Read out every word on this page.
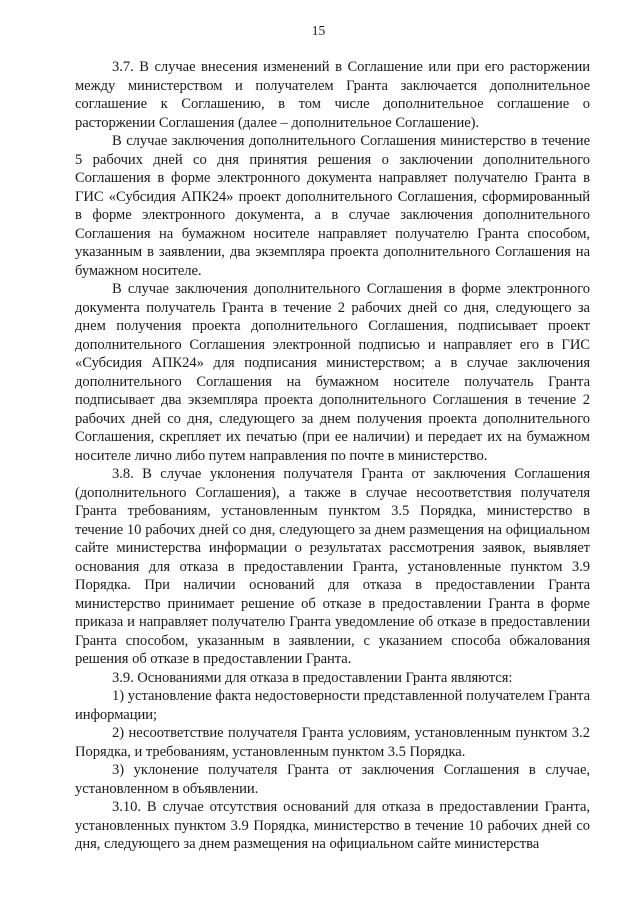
15

3.7. В случае внесения изменений в Соглашение или при его расторжении между министерством и получателем Гранта заключается дополнительное соглашение к Соглашению, в том числе дополнительное соглашение о расторжении Соглашения (далее – дополнительное Соглашение).

В случае заключения дополнительного Соглашения министерство в течение 5 рабочих дней со дня принятия решения о заключении дополнительного Соглашения в форме электронного документа направляет получателю Гранта в ГИС «Субсидия АПК24» проект дополнительного Соглашения, сформированный в форме электронного документа, а в случае заключения дополнительного Соглашения на бумажном носителе направляет получателю Гранта способом, указанным в заявлении, два экземпляра проекта дополнительного Соглашения на бумажном носителе.

В случае заключения дополнительного Соглашения в форме электронного документа получатель Гранта в течение 2 рабочих дней со дня, следующего за днем получения проекта дополнительного Соглашения, подписывает проект дополнительного Соглашения электронной подписью и направляет его в ГИС «Субсидия АПК24» для подписания министерством; а в случае заключения дополнительного Соглашения на бумажном носителе получатель Гранта подписывает два экземпляра проекта дополнительного Соглашения в течение 2 рабочих дней со дня, следующего за днем получения проекта дополнительного Соглашения, скрепляет их печатью (при ее наличии) и передает их на бумажном носителе лично либо путем направления по почте в министерство.

3.8. В случае уклонения получателя Гранта от заключения Соглашения (дополнительного Соглашения), а также в случае несоответствия получателя Гранта требованиям, установленным пунктом 3.5 Порядка, министерство в течение 10 рабочих дней со дня, следующего за днем размещения на официальном сайте министерства информации о результатах рассмотрения заявок, выявляет основания для отказа в предоставлении Гранта, установленные пунктом 3.9 Порядка. При наличии оснований для отказа в предоставлении Гранта министерство принимает решение об отказе в предоставлении Гранта в форме приказа и направляет получателю Гранта уведомление об отказе в предоставлении Гранта способом, указанным в заявлении, с указанием способа обжалования решения об отказе в предоставлении Гранта.

3.9. Основаниями для отказа в предоставлении Гранта являются:

1) установление факта недостоверности представленной получателем Гранта информации;

2) несоответствие получателя Гранта условиям, установленным пунктом 3.2 Порядка, и требованиям, установленным пунктом 3.5 Порядка.

3) уклонение получателя Гранта от заключения Соглашения в случае, установленном в объявлении.

3.10. В случае отсутствия оснований для отказа в предоставлении Гранта, установленных пунктом 3.9 Порядка, министерство в течение 10 рабочих дней со дня, следующего за днем размещения на официальном сайте министерства
